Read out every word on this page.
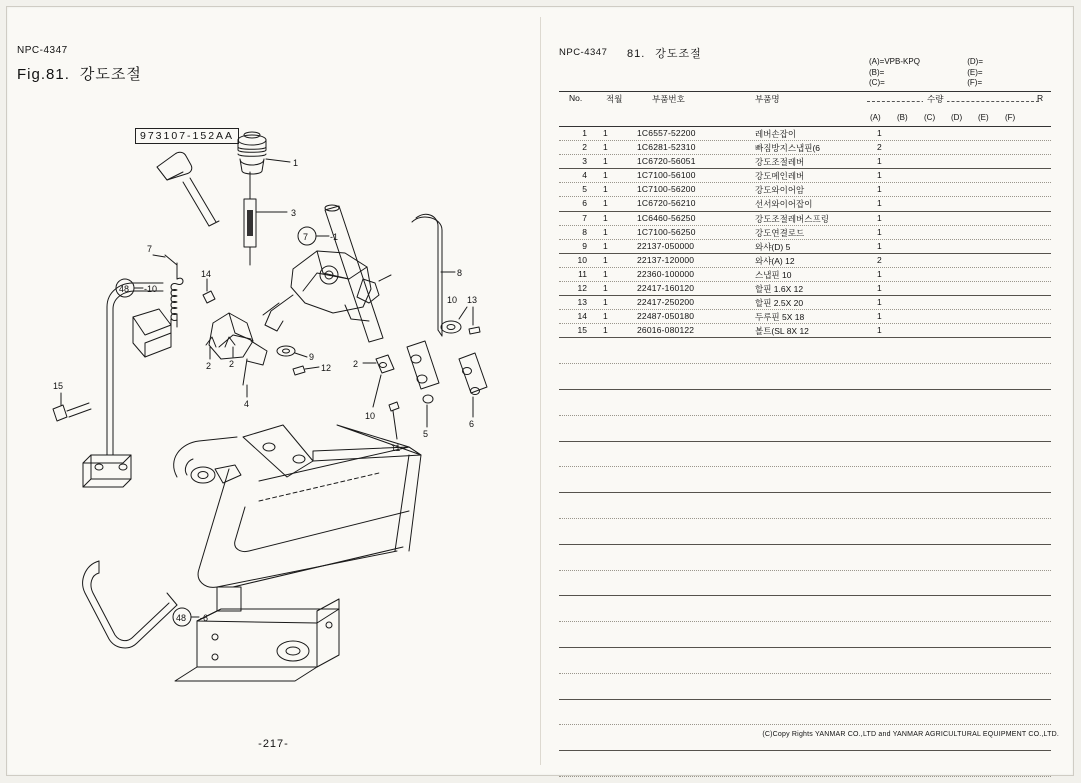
NPC-4347
Fig.81. 강도조절
973107-152AA
1
3
7 -1
7
14
4
2 2
9
12
8
13
10
5
6
2
10
11
48 -10
15
48 -6
-217-
NPC-4347 81. 강도조절
(A)=VPB-KPQ	(D)=
(B)=	(E)=
(C)=	(F)=
No.	적월	부품번호	부품명	수량	R
(A) (B) (C) (D) (E) (F)
1 1	1C6557-52200	레버손잡이	1
2 1	1C6281-52310	빠짐방지스냅핀(6	2
3 1	1C6720-56051	강도조절레버	1
4 1	1C7100-56100	강도메인레버	1
5 1	1C7100-56200	강도와이어암	1
6 1	1C6720-56210	선서와이어잡이	1
7 1	1C6460-56250	강도조절레버스프링	1
8 1	1C7100-56250	강도연결로드	1
9 1	22137-050000	와샤(D) 5	1
10 1	22137-120000	와샤(A) 12	2
11 1	22360-100000	스냅핀 10	1
12 1	22417-160120	할핀 1.6X 12	1
13 1	22417-250200	할핀 2.5X 20	1
14 1	22487-050180	두루핀 5X 18	1
15 1	26016-080122	볼트(SL 8X 12	1
(C)Copy Rights YANMAR CO.,LTD and YANMAR AGRICULTURAL EQUIPMENT CO.,LTD.
